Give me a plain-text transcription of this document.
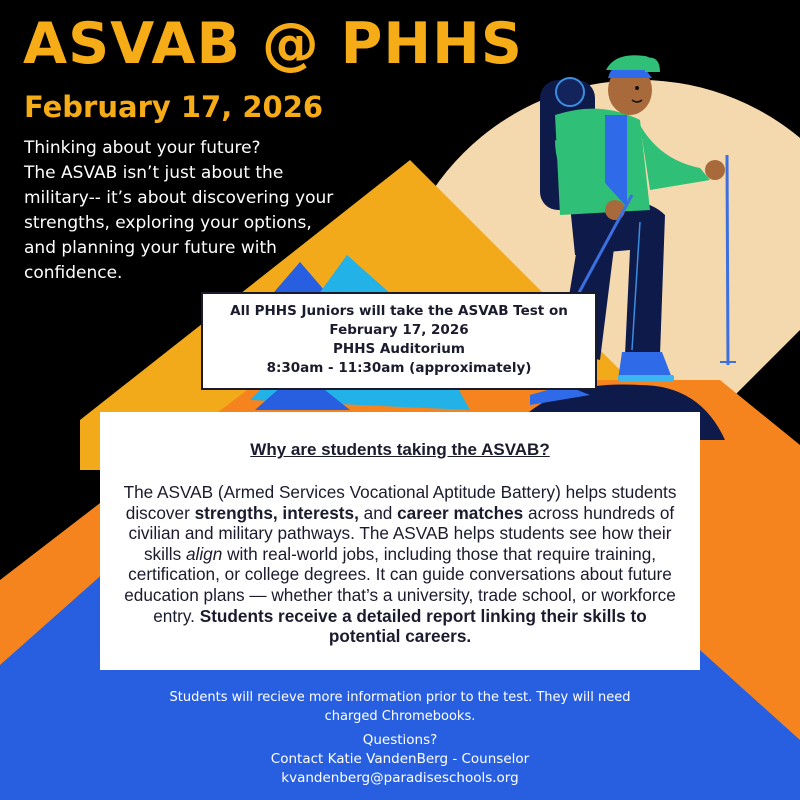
ASVAB @ PHHS
February 17, 2026
Thinking about your future?
The ASVAB isn’t just about the
military-- it’s about discovering your
strengths, exploring your options,
and planning your future with
confidence.
All PHHS Juniors will take the ASVAB Test on
February 17, 2026
PHHS Auditorium
8:30am - 11:30am (approximately)
Why are students taking the ASVAB?
The ASVAB (Armed Services Vocational Aptitude Battery) helps students discover strengths, interests, and career matches across hundreds of civilian and military pathways. The ASVAB helps students see how their skills align with real-world jobs, including those that require training, certification, or college degrees. It can guide conversations about future education plans — whether that’s a university, trade school, or workforce entry. Students receive a detailed report linking their skills to potential careers.
Students will recieve more information prior to the test. They will need
charged Chromebooks.
Questions?
Contact Katie VandenBerg - Counselor
kvandenberg@paradiseschools.org
